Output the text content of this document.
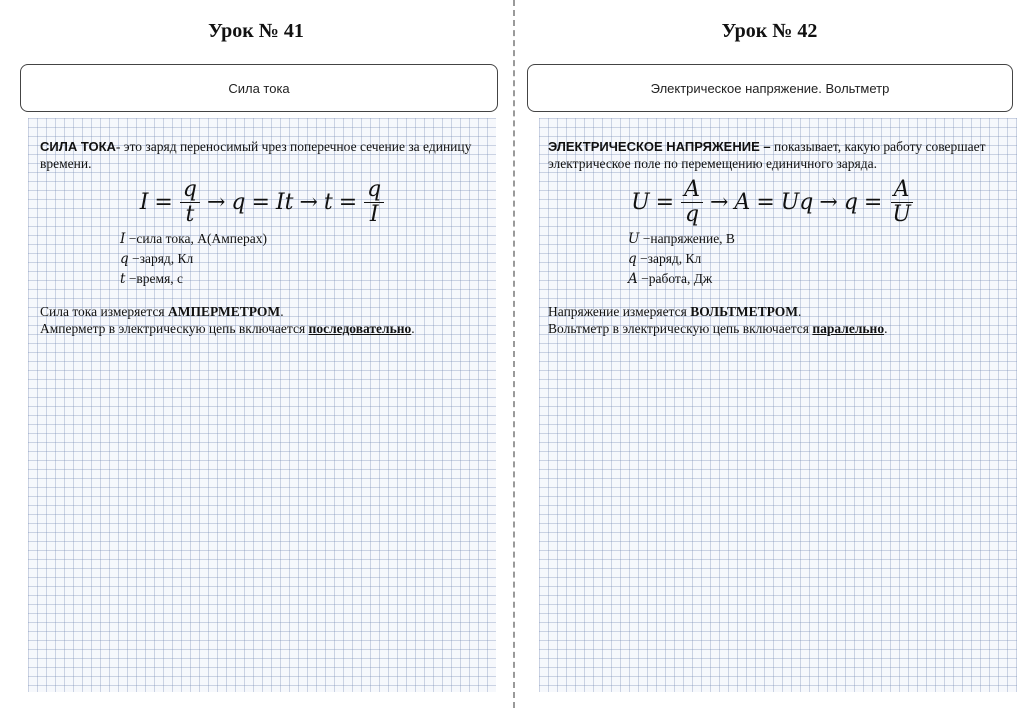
Урок № 41
Сила тока
СИЛА ТОКА- это заряд переносимый чрез поперечное сечение за единицу времени.
$I = \frac{q}{t} \to q = It \to t = \frac{q}{I}$
I −сила тока, А(Амперах)
q −заряд, Кл
t −время, с
Сила тока измеряется АМПЕРМЕТРОМ.
Амперметр в электрическую цепь включается последовательно.
Урок № 42
Электрическое напряжение. Вольтметр
ЭЛЕКТРИЧЕСКОЕ НАПРЯЖЕНИЕ – показывает, какую работу совершает электрическое поле по перемещению единичного заряда.
$U = \frac{A}{q} \to A = Uq \to q = \frac{A}{U}$
U −напряжение, В
q −заряд, Кл
A −работа, Дж
Напряжение измеряется ВОЛЬТМЕТРОМ.
Вольтметр в электрическую цепь включается паралельно.
